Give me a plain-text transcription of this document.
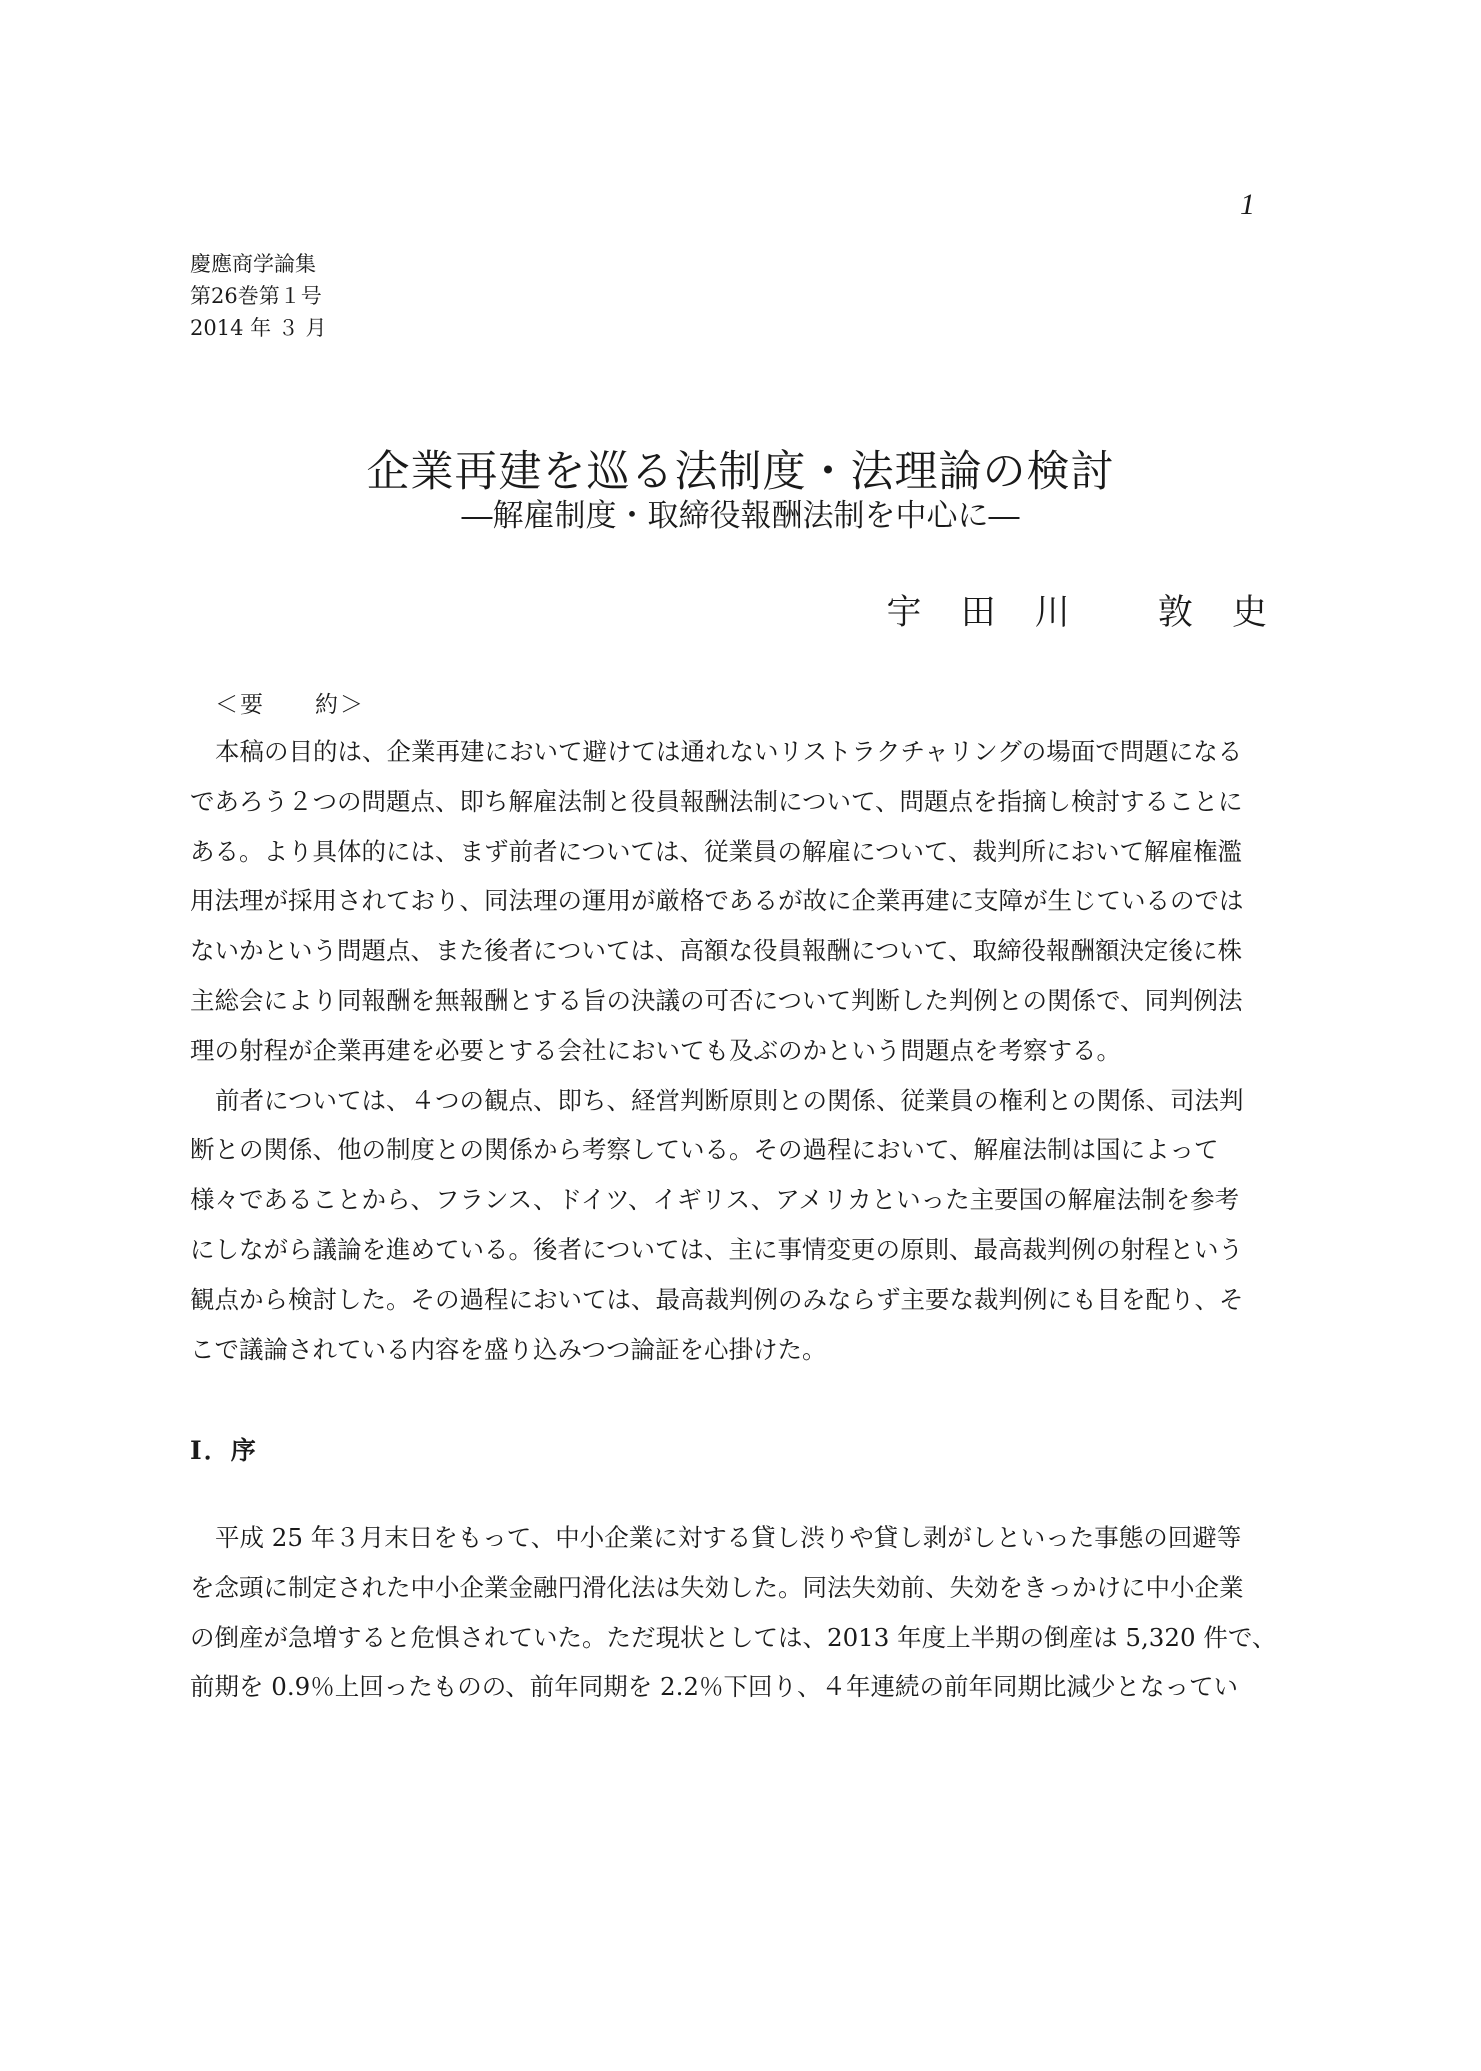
1
慶應商学論集
第26巻第１号
2014 年 ３ 月
企業再建を巡る法制度・法理論の検討
―解雇制度・取締役報酬法制を中心に―
宇 田 川　 敦 史
＜要　　約＞
本稿の目的は、企業再建において避けては通れないリストラクチャリングの場面で問題になる
であろう２つの問題点、即ち解雇法制と役員報酬法制について、問題点を指摘し検討することに
ある。より具体的には、まず前者については、従業員の解雇について、裁判所において解雇権濫
用法理が採用されており、同法理の運用が厳格であるが故に企業再建に支障が生じているのでは
ないかという問題点、また後者については、高額な役員報酬について、取締役報酬額決定後に株
主総会により同報酬を無報酬とする旨の決議の可否について判断した判例との関係で、同判例法
理の射程が企業再建を必要とする会社においても及ぶのかという問題点を考察する。
前者については、４つの観点、即ち、経営判断原則との関係、従業員の権利との関係、司法判
断との関係、他の制度との関係から考察している。その過程において、解雇法制は国によって
様々であることから、フランス、ドイツ、イギリス、アメリカといった主要国の解雇法制を参考
にしながら議論を進めている。後者については、主に事情変更の原則、最高裁判例の射程という
観点から検討した。その過程においては、最高裁判例のみならず主要な裁判例にも目を配り、そ
こで議論されている内容を盛り込みつつ論証を心掛けた。
Ⅰ．序
平成 25 年３月末日をもって、中小企業に対する貸し渋りや貸し剥がしといった事態の回避等
を念頭に制定された中小企業金融円滑化法は失効した。同法失効前、失効をきっかけに中小企業
の倒産が急増すると危惧されていた。ただ現状としては、2013 年度上半期の倒産は 5,320 件で、
前期を 0.9％上回ったものの、前年同期を 2.2％下回り、４年連続の前年同期比減少となってい
